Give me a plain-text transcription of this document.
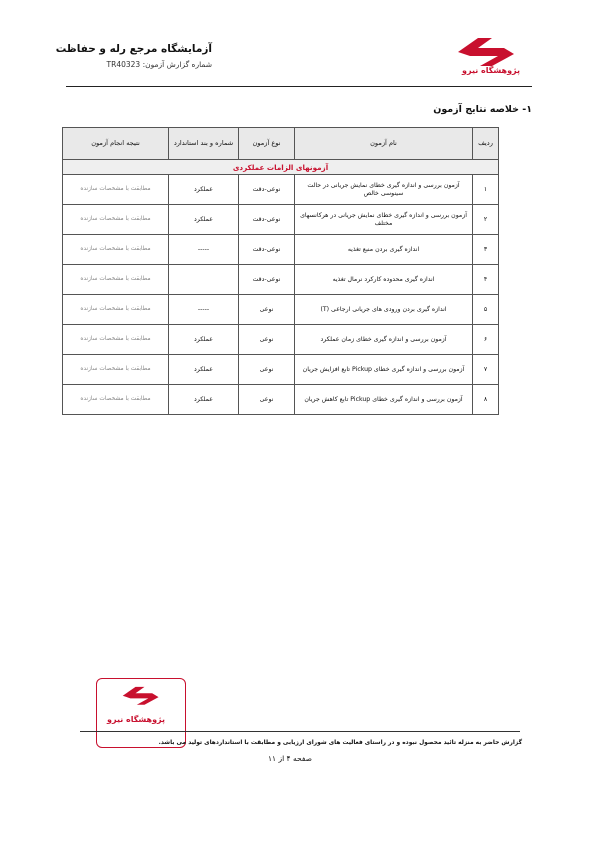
پژوهشگاه نیرو
آزمایشگاه مرجع رله و حفاظت
شماره گزارش آزمون: TR40323
۱- خلاصه نتایج آزمون
ردیف	نام آزمون	نوع آزمون	شماره و بند استاندارد	نتیجه انجام آزمون
آزمونهای الزامات عملکردی				
۱	آزمون بررسی و اندازه گیری خطای نمایش جریانی در حالت سینوسی خالص	نوعی-دقت	عملکرد	مطابقت با مشخصات سازنده
۲	آزمون بررسی و اندازه گیری خطای نمایش جریانی در هرکانسهای مختلف	نوعی-دقت	عملکرد	مطابقت با مشخصات سازنده
۳	اندازه گیری بردن منبع تغذیه	نوعی-دقت	-----	مطابقت با مشخصات سازنده
۴	اندازه گیری محدوده کارکرد نرمال تغذیه	نوعی-دقت		مطابقت با مشخصات سازنده
۵	اندازه گیری بردن ورودی های جریانی ارجاعی (T)	نوعی	-----	مطابقت با مشخصات سازنده
۶	آزمون بررسی و اندازه گیری خطای زمان عملکرد	نوعی	عملکرد	مطابقت با مشخصات سازنده
۷	آزمون بررسی و اندازه گیری خطای Pickup تابع افزایش جریان	نوعی	عملکرد	مطابقت با مشخصات سازنده
۸	آزمون بررسی و اندازه گیری خطای Pickup تابع کاهش جریان	نوعی	عملکرد	مطابقت با مشخصات سازنده
پژوهشگاه نیرو
گزارش حاضر به منزله تائید محصول نبوده و در راستای فعالیت های شورای ارزیابی و مطابقت با استانداردهای تولید می باشد.
صفحه ۴ از ۱۱
